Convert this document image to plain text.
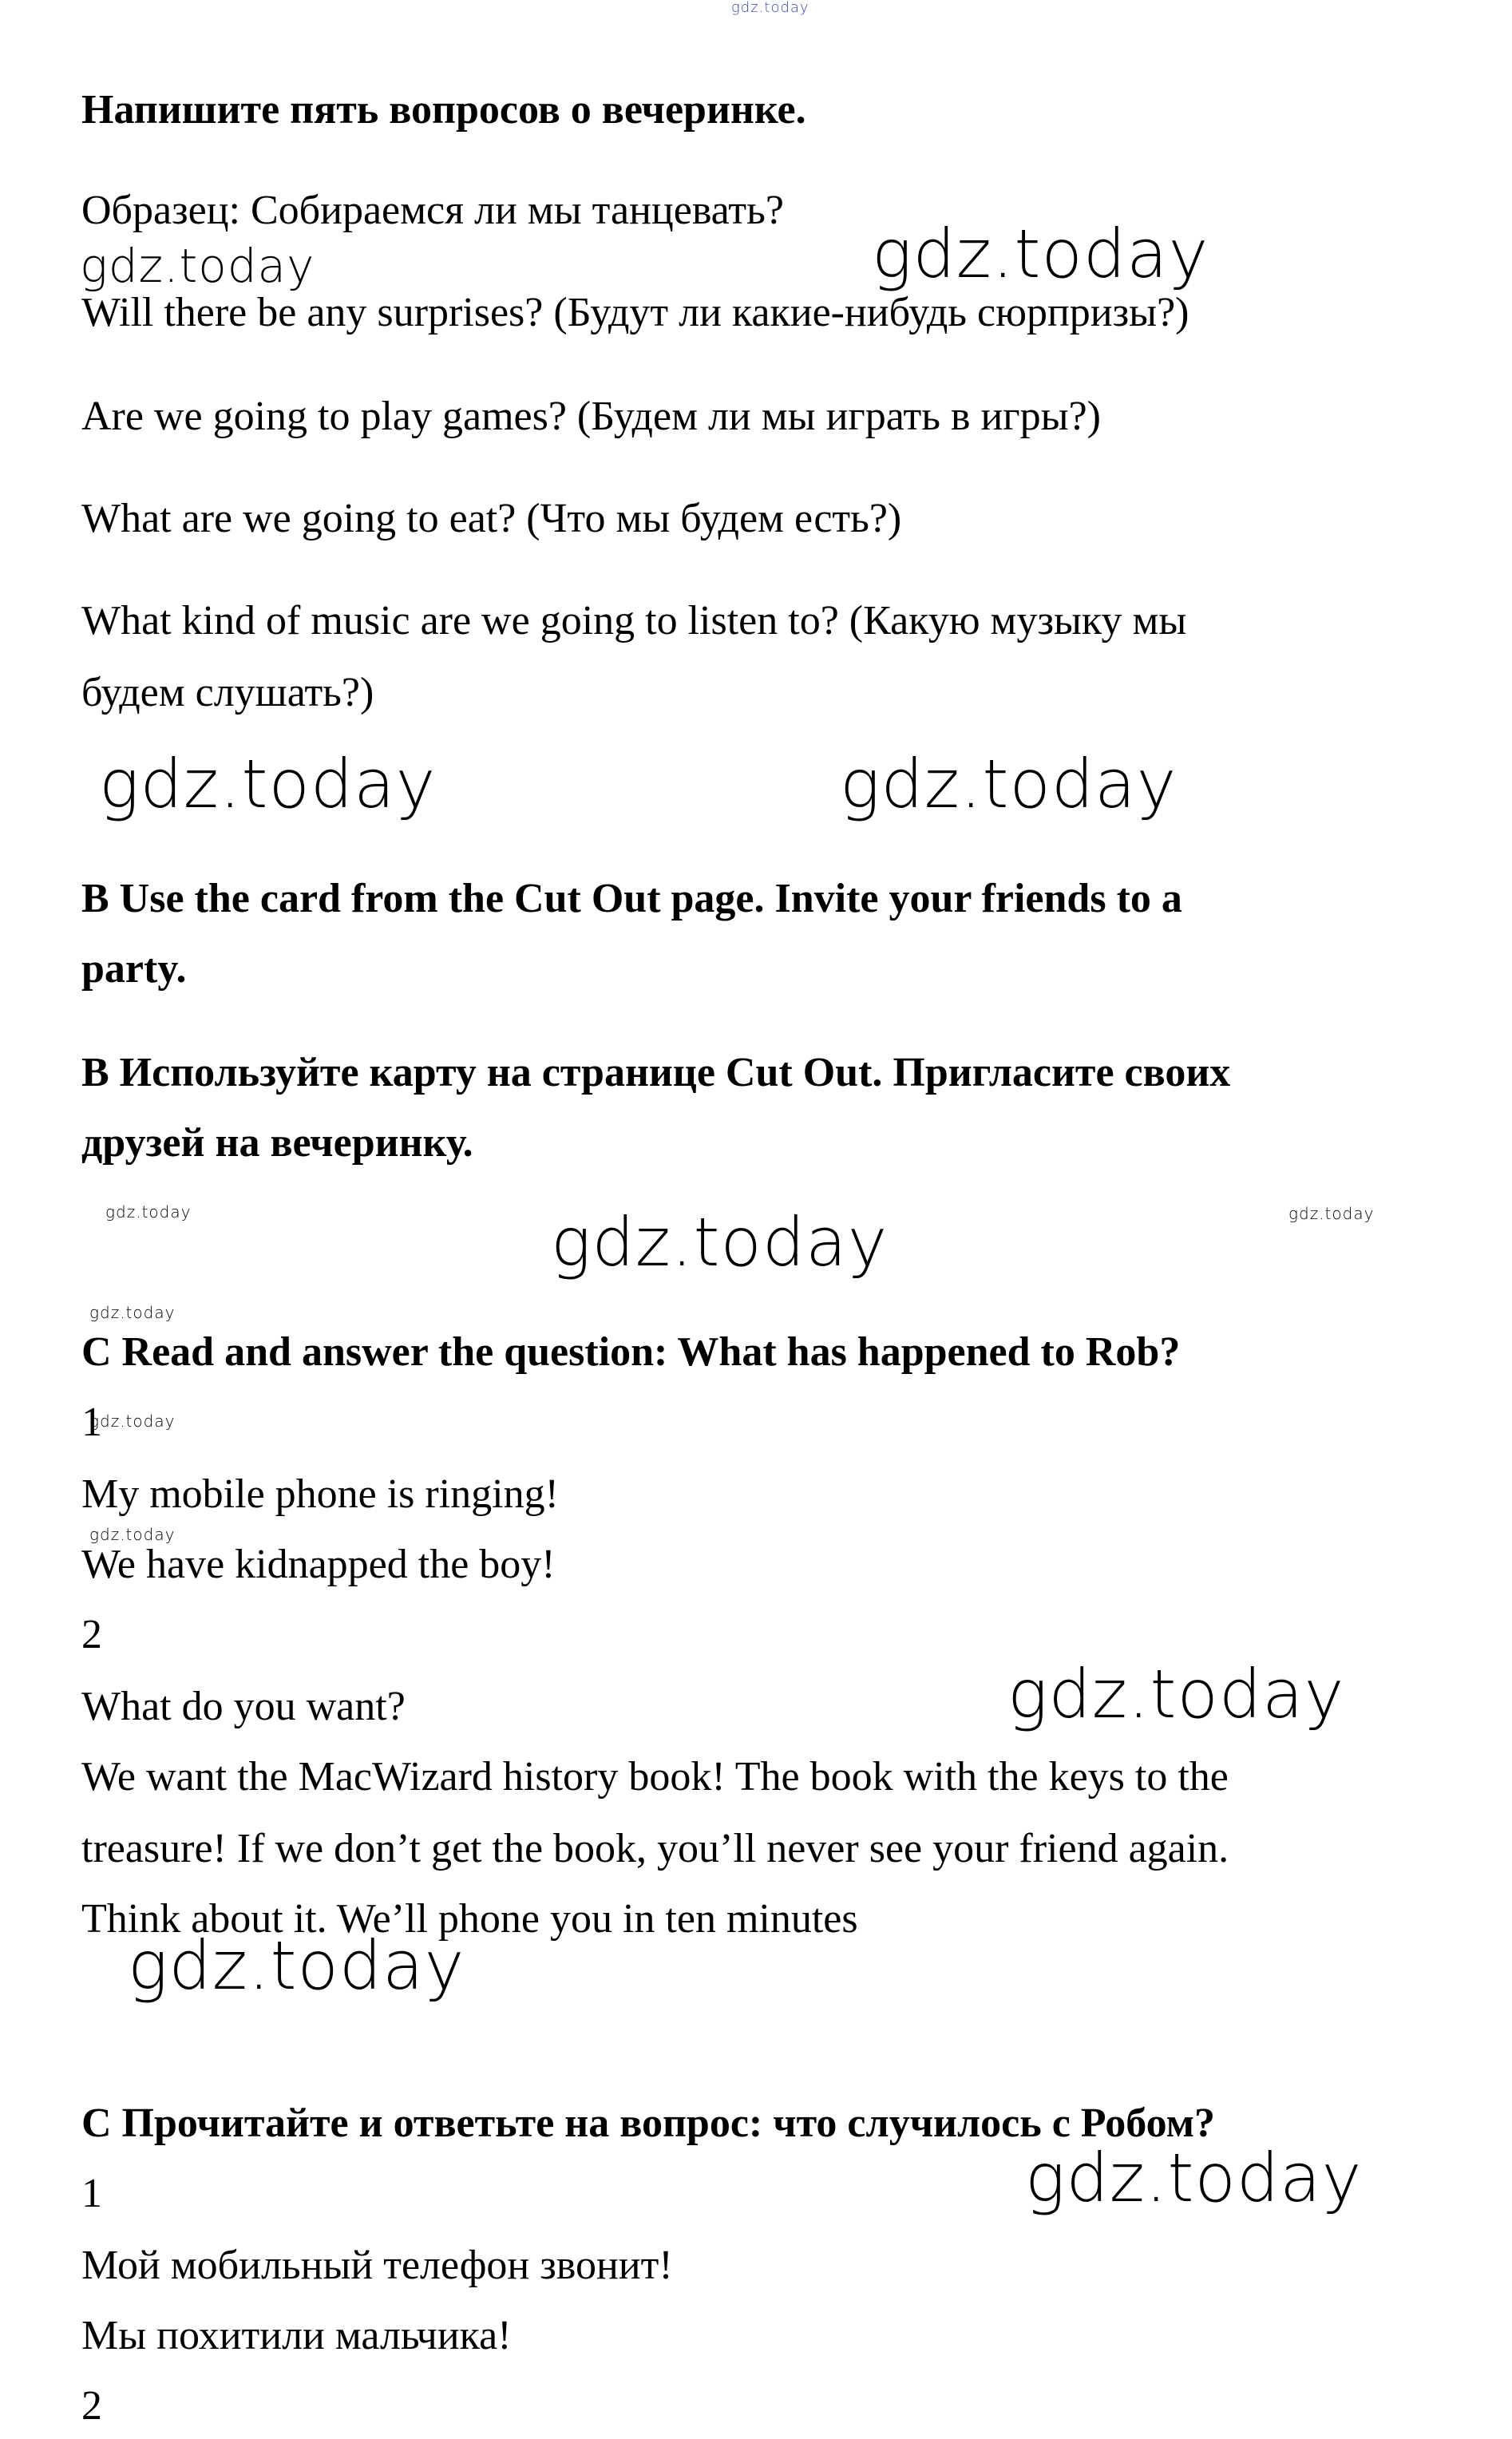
gdz.today

Напишите пять вопросов о вечеринке.

Образец: Собираемся ли мы танцевать?

gdz.today	gdz.today

Will there be any surprises? (Будут ли какие-нибудь сюрпризы?)

Are we going to play games? (Будем ли мы играть в игры?)

What are we going to eat? (Что мы будем есть?)

What kind of music are we going to listen to? (Какую музыку мы

будем слушать?)

gdz.today	gdz.today

B Use the card from the Cut Out page. Invite your friends to a

party.

B Используйте карту на странице Cut Out. Пригласите своих

друзей на вечеринку.

gdz.today	gdz.today
gdz.today
gdz.today

C Read and answer the question: What has happened to Rob?

1

gdz.today

My mobile phone is ringing!

gdz.today

We have kidnapped the boy!

2

What do you want?	gdz.today

We want the MacWizard history book! The book with the keys to the

treasure! If we don’t get the book, you’ll never see your friend again.

Think about it. We’ll phone you in ten minutes

gdz.today

C Прочитайте и ответьте на вопрос: что случилось с Робом?

gdz.today

1

Мой мобильный телефон звонит!

Мы похитили мальчика!

2
